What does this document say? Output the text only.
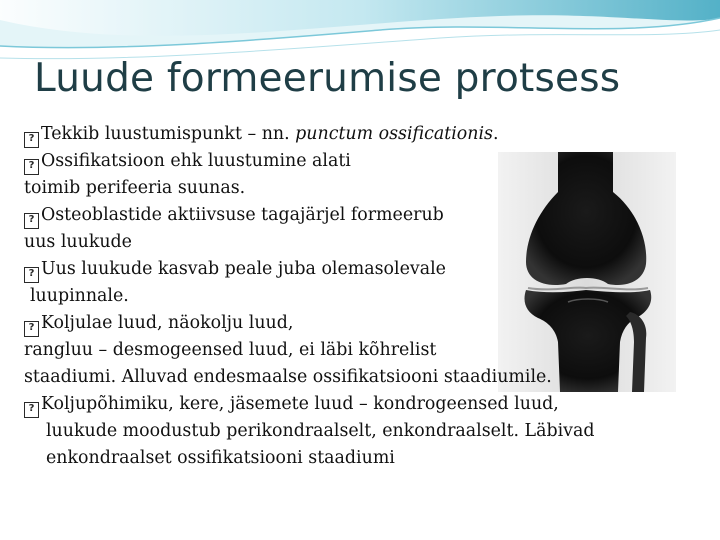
Luude formeerumise protsess
? Tekkib luustumispunkt – nn. punctum ossificationis.
? Ossifikatsioon ehk luustumine alati
toimib perifeeria suunas.
? Osteoblastide aktiivsuse tagajärjel formeerub
uus luukude
? Uus luukude kasvab peale juba olemasolevale
luupinnale.
? Koljulae luud, näokolju luud,
rangluu – desmogeensed luud, ei läbi kõhrelist
staadiumi. Alluvad endesmaalse ossifikatsiooni staadiumile.
? Koljupõhimiku, kere, jäsemete luud – kondrogeensed luud,
luukude moodustub perikondraalselt, enkondraalselt. Läbivad
enkondraalset ossifikatsiooni staadiumi
